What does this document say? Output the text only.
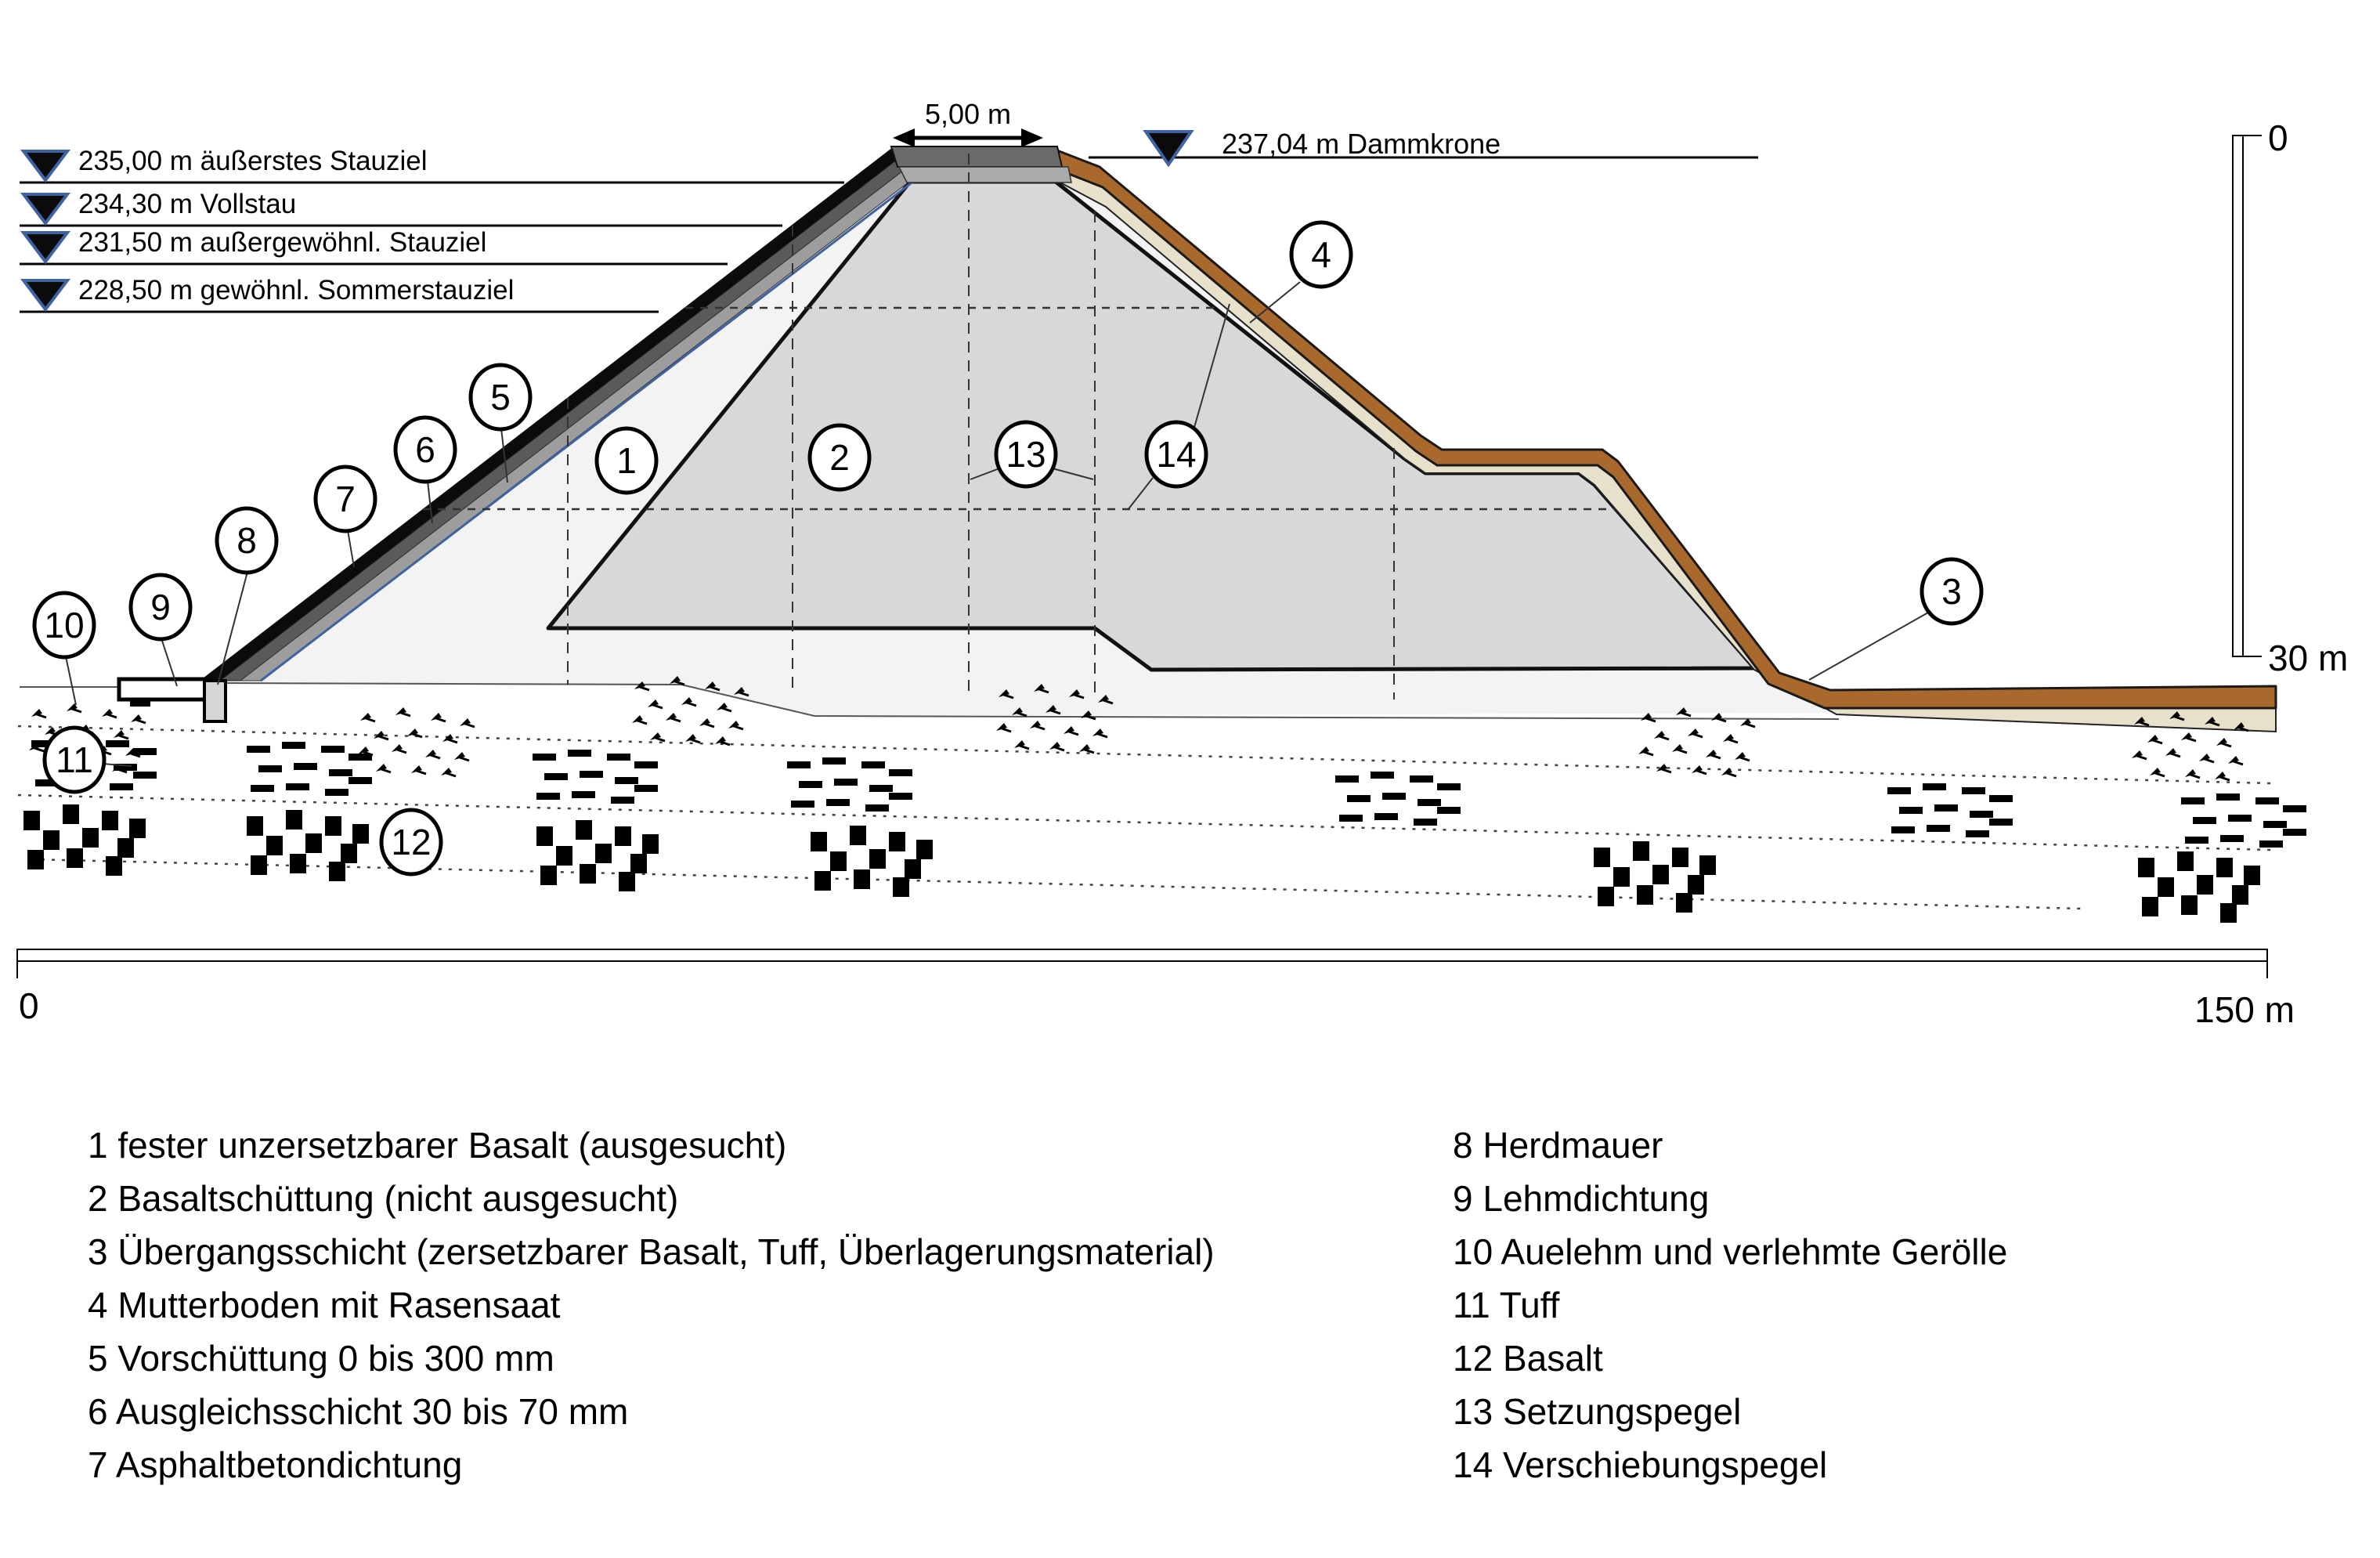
5,00 m
237,04 m Dammkrone	0
30 m
0	150 m
235,00 m äußerstes Stauziel
234,30 m Vollstau
231,50 m außergewöhnl. Stauziel
228,50 m gewöhnl. Sommerstauziel
1	2
3
4
5
6
7
8
9
10
11
12
13	14
1 fester unzersetzbarer Basalt (ausgesucht)
2 Basaltschüttung (nicht ausgesucht)
3 Übergangsschicht (zersetzbarer Basalt, Tuff, Überlagerungsmaterial)
4 Mutterboden mit Rasensaat
5 Vorschüttung 0 bis 300 mm
6 Ausgleichsschicht 30 bis 70 mm
7 Asphaltbetondichtung
8 Herdmauer
9 Lehmdichtung
10 Auelehm und verlehmte Gerölle
11 Tuff
12 Basalt
13 Setzungspegel
14 Verschiebungspegel
